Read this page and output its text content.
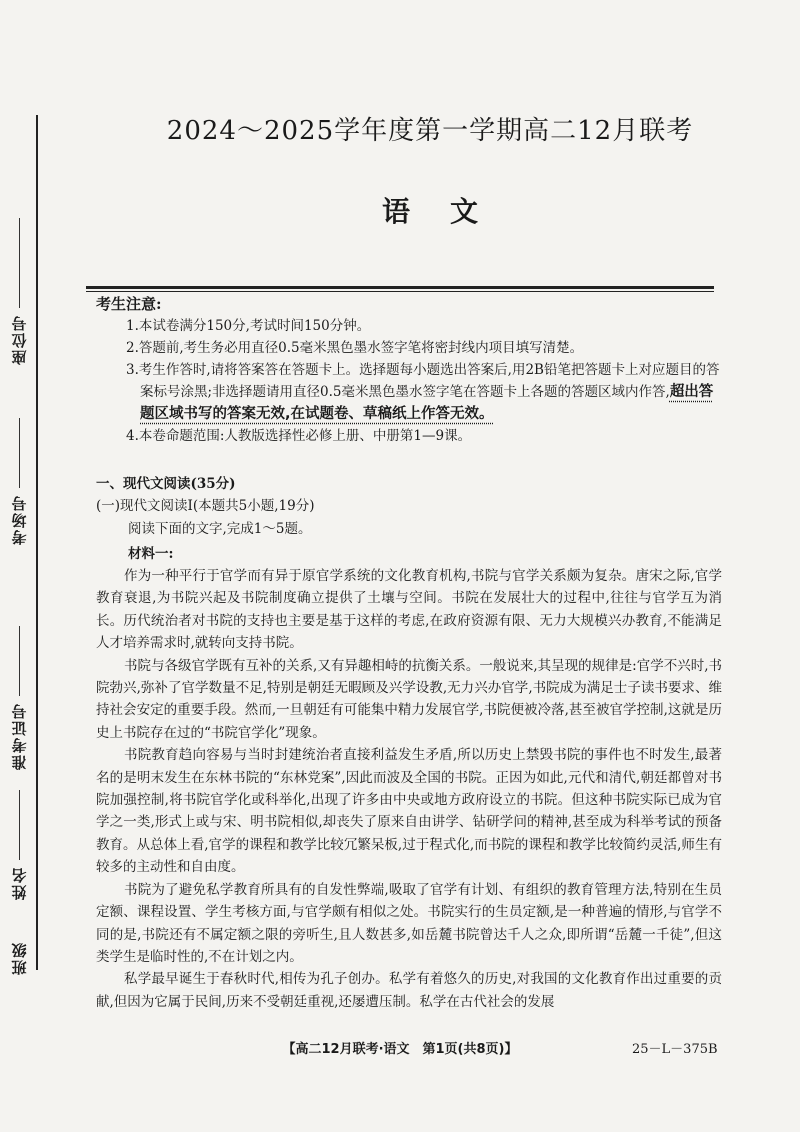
座位号
考场号
准考证号
姓名
班级
2024～2025学年度第一学期高二12月联考
语文
考生注意:

1.本试卷满分150分,考试时间150分钟。

2.答题前,考生务必用直径0.5毫米黑色墨水签字笔将密封线内项目填写清楚。

3.考生作答时,请将答案答在答题卡上。选择题每小题选出答案后,用2B铅笔把答题卡上对应题目的答案标号涂黑;非选择题请用直径0.5毫米黑色墨水签字笔在答题卡上各题的答题区域内作答,超出答题区域书写的答案无效,在试题卷、草稿纸上作答无效。

4.本卷命题范围:人教版选择性必修上册、中册第1—9课。

一、现代文阅读(35分)
(一)现代文阅读Ⅰ(本题共5小题,19分)
阅读下面的文字,完成1～5题。
材料一:

作为一种平行于官学而有异于原官学系统的文化教育机构,书院与官学关系颇为复杂。唐宋之际,官学教育衰退,为书院兴起及书院制度确立提供了土壤与空间。书院在发展壮大的过程中,往往与官学互为消长。历代统治者对书院的支持也主要是基于这样的考虑,在政府资源有限、无力大规模兴办教育,不能满足人才培养需求时,就转向支持书院。

书院与各级官学既有互补的关系,又有异趣相峙的抗衡关系。一般说来,其呈现的规律是:官学不兴时,书院勃兴,弥补了官学数量不足,特别是朝廷无暇顾及兴学设教,无力兴办官学,书院成为满足士子读书要求、维持社会安定的重要手段。然而,一旦朝廷有可能集中精力发展官学,书院便被冷落,甚至被官学控制,这就是历史上书院存在过的“书院官学化”现象。

书院教育趋向容易与当时封建统治者直接利益发生矛盾,所以历史上禁毁书院的事件也不时发生,最著名的是明末发生在东林书院的“东林党案”,因此而波及全国的书院。正因为如此,元代和清代,朝廷都曾对书院加强控制,将书院官学化或科举化,出现了许多由中央或地方政府设立的书院。但这种书院实际已成为官学之一类,形式上或与宋、明书院相似,却丧失了原来自由讲学、钻研学问的精神,甚至成为科举考试的预备教育。从总体上看,官学的课程和教学比较冗繁呆板,过于程式化,而书院的课程和教学比较简约灵活,师生有较多的主动性和自由度。

书院为了避免私学教育所具有的自发性弊端,吸取了官学有计划、有组织的教育管理方法,特别在生员定额、课程设置、学生考核方面,与官学颇有相似之处。书院实行的生员定额,是一种普遍的情形,与官学不同的是,书院还有不属定额之限的旁听生,且人数甚多,如岳麓书院曾达千人之众,即所谓“岳麓一千徒”,但这类学生是临时性的,不在计划之内。

私学最早诞生于春秋时代,相传为孔子创办。私学有着悠久的历史,对我国的文化教育作出过重要的贡献,但因为它属于民间,历来不受朝廷重视,还屡遭压制。私学在古代社会的发展

【高二12月联考·语文　第1页(共8页)】	25－L－375B
